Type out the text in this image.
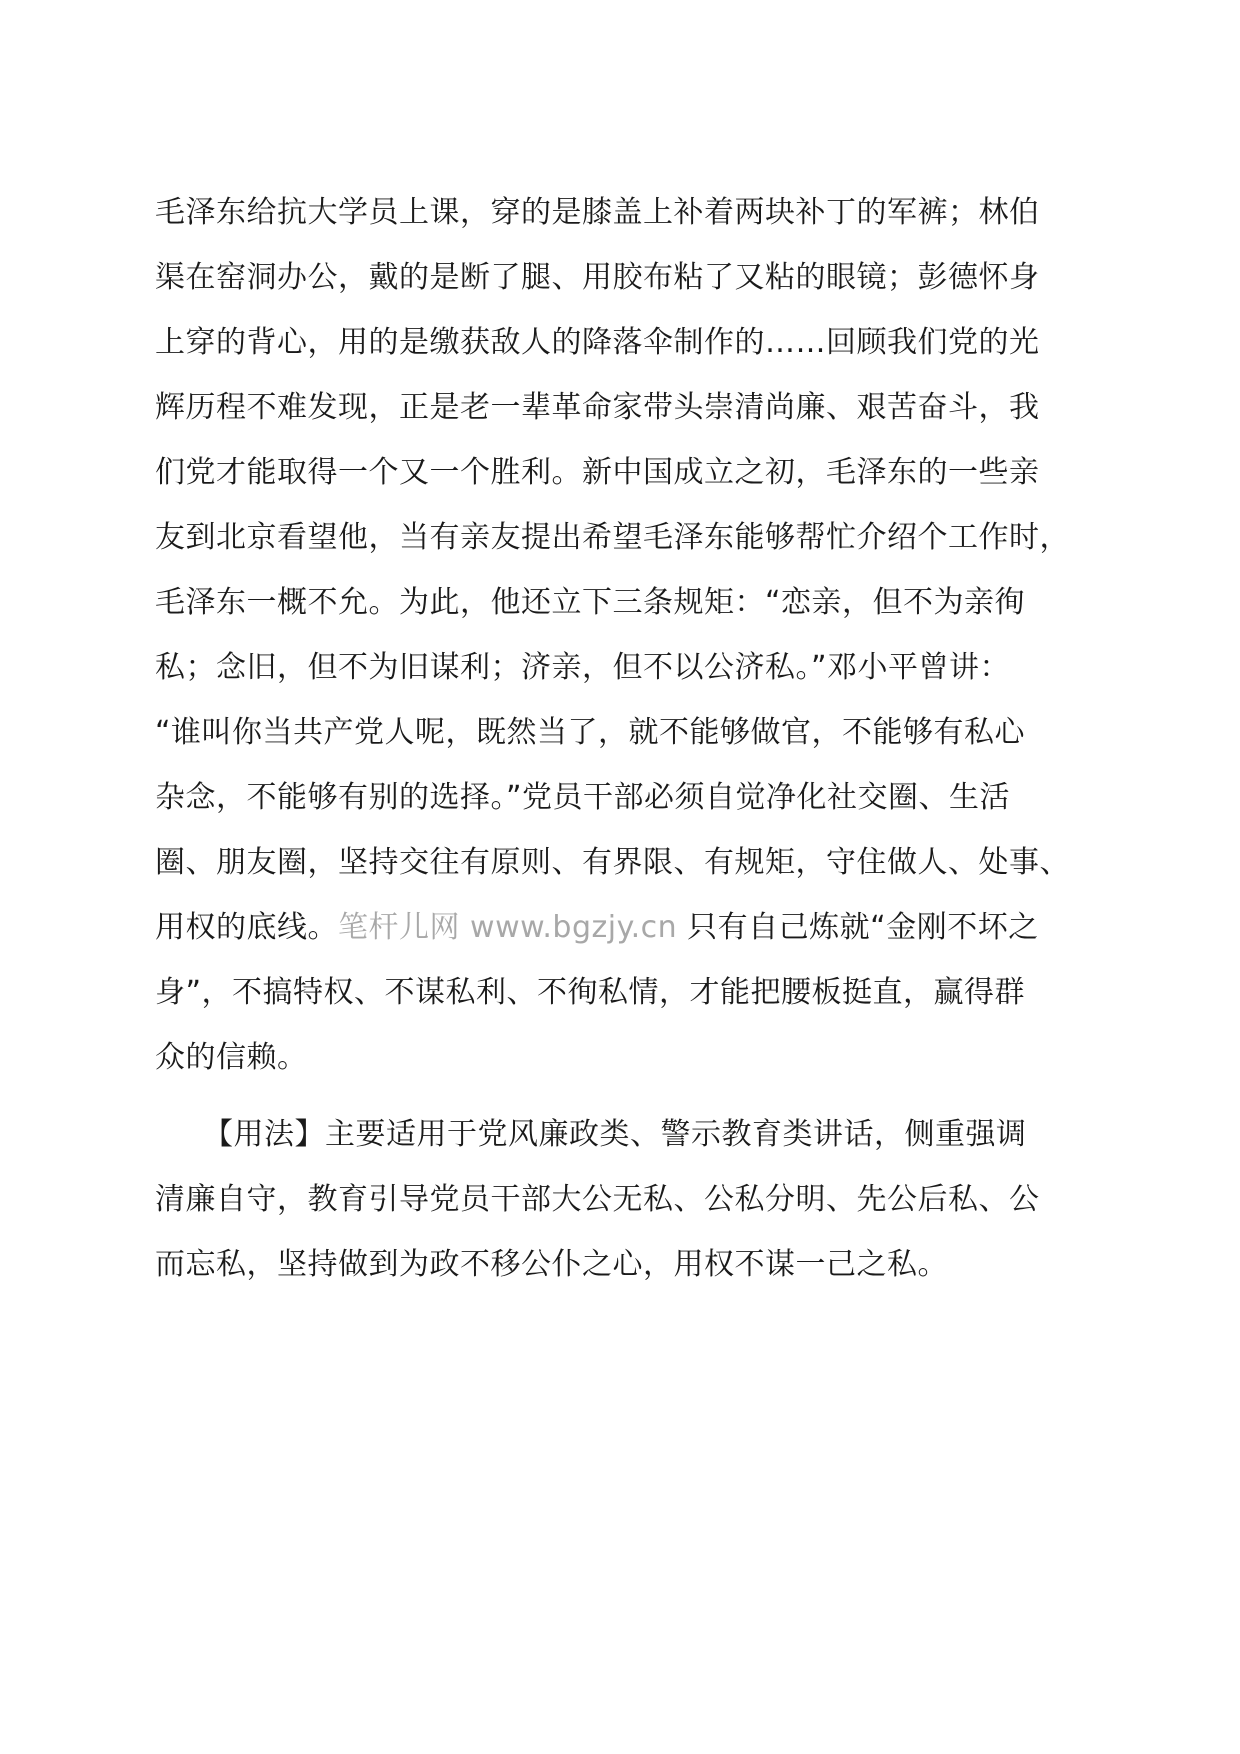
毛泽东给抗大学员上课，穿的是膝盖上补着两块补丁的军裤；林伯
渠在窑洞办公，戴的是断了腿、用胶布粘了又粘的眼镜；彭德怀身
上穿的背心，用的是缴获敌人的降落伞制作的……回顾我们党的光
辉历程不难发现，正是老一辈革命家带头崇清尚廉、艰苦奋斗，我
们党才能取得一个又一个胜利。新中国成立之初，毛泽东的一些亲
友到北京看望他，当有亲友提出希望毛泽东能够帮忙介绍个工作时，
毛泽东一概不允。为此，他还立下三条规矩：“恋亲，但不为亲徇
私；念旧，但不为旧谋利；济亲，但不以公济私。”邓小平曾讲：
“谁叫你当共产党人呢，既然当了，就不能够做官，不能够有私心
杂念，不能够有别的选择。”党员干部必须自觉净化社交圈、生活
圈、朋友圈，坚持交往有原则、有界限、有规矩，守住做人、处事、
用权的底线。笔杆儿网 www.bgzjy.cn 只有自己炼就“金刚不坏之
身”，不搞特权、不谋私利、不徇私情，才能把腰板挺直，赢得群
众的信赖。
【用法】主要适用于党风廉政类、警示教育类讲话，侧重强调
清廉自守，教育引导党员干部大公无私、公私分明、先公后私、公
而忘私，坚持做到为政不移公仆之心，用权不谋一己之私。
